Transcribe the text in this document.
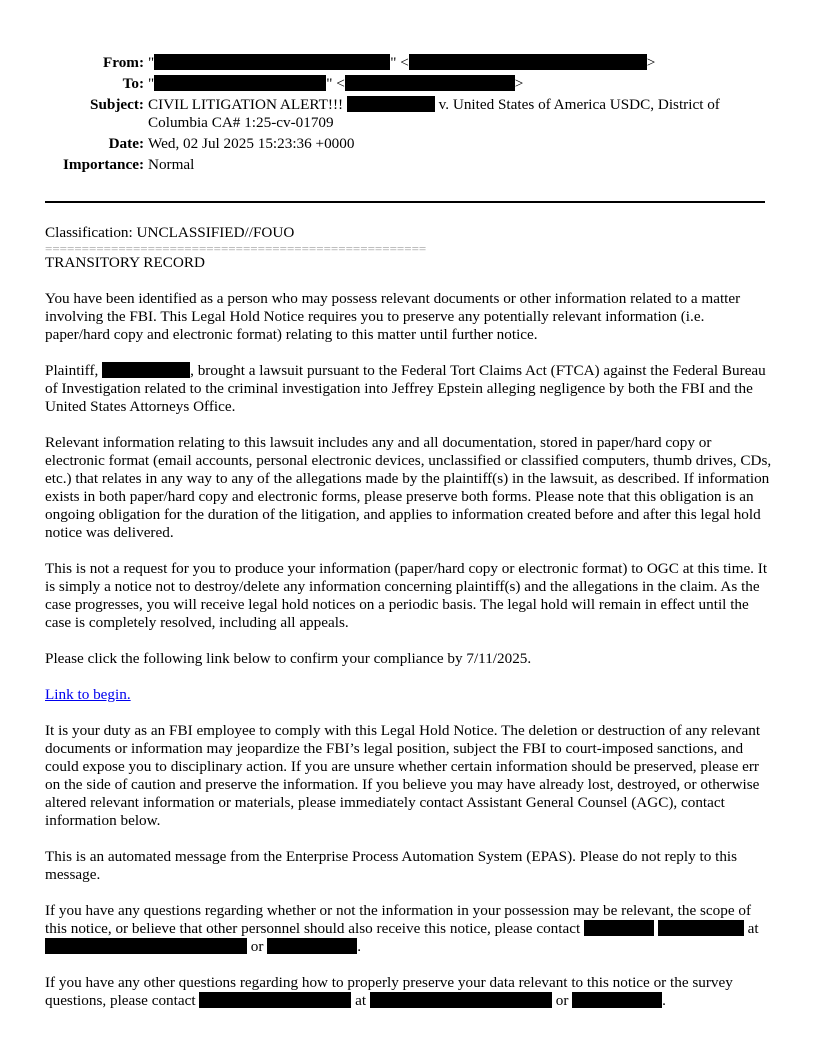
From: "	" <	>
To: "	" <	>
Subject: CIVIL LITIGATION ALERT!!!	v. United States of America USDC, District of Columbia CA# 1:25-cv-01709
Date: Wed, 02 Jul 2025 15:23:36 +0000
Importance: Normal
Classification: UNCLASSIFIED//FOUO
====================================================

TRANSITORY RECORD

You have been identified as a person who may possess relevant documents or other information related to a matter involving the FBI. This Legal Hold Notice requires you to preserve any potentially relevant information (i.e. paper/hard copy and electronic format) relating to this matter until further notice.

Plaintiff,	, brought a lawsuit pursuant to the Federal Tort Claims Act (FTCA) against the Federal Bureau of Investigation related to the criminal investigation into Jeffrey Epstein alleging negligence by both the FBI and the United States Attorneys Office.

Relevant information relating to this lawsuit includes any and all documentation, stored in paper/hard copy or electronic format (email accounts, personal electronic devices, unclassified or classified computers, thumb drives, CDs, etc.) that relates in any way to any of the allegations made by the plaintiff(s) in the lawsuit, as described. If information exists in both paper/hard copy and electronic forms, please preserve both forms. Please note that this obligation is an ongoing obligation for the duration of the litigation, and applies to information created before and after this legal hold notice was delivered.

This is not a request for you to produce your information (paper/hard copy or electronic format) to OGC at this time. It is simply a notice not to destroy/delete any information concerning plaintiff(s) and the allegations in the claim. As the case progresses, you will receive legal hold notices on a periodic basis. The legal hold will remain in effect until the case is completely resolved, including all appeals.

Please click the following link below to confirm your compliance by 7/11/2025.

Link to begin.

It is your duty as an FBI employee to comply with this Legal Hold Notice. The deletion or destruction of any relevant documents or information may jeopardize the FBI’s legal position, subject the FBI to court-imposed sanctions, and could expose you to disciplinary action. If you are unsure whether certain information should be preserved, please err on the side of caution and preserve the information. If you believe you may have already lost, destroyed, or otherwise altered relevant information or materials, please immediately contact Assistant General Counsel (AGC), contact information below.

This is an automated message from the Enterprise Process Automation System (EPAS). Please do not reply to this message.

If you have any questions regarding whether or not the information in your possession may be relevant, the scope of this notice, or believe that other personnel should also receive this notice, please contact	at  or	.

If you have any other questions regarding how to properly preserve your data relevant to this notice or the survey questions, please contact	at	or	.
